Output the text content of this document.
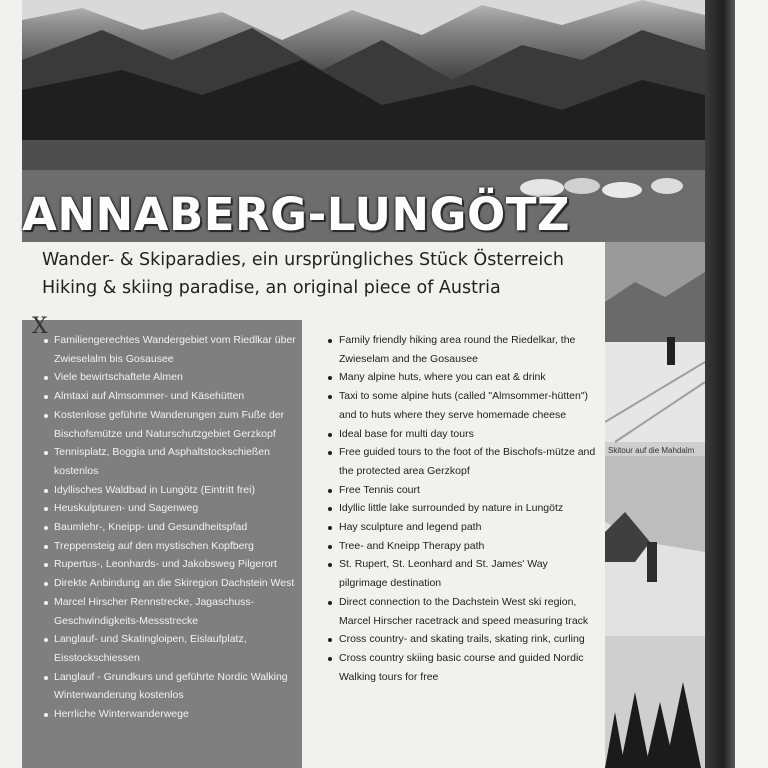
ANNABERG-LUNGÖTZ
Skitour auf die Mahdalm
Wander- & Skiparadies, ein ursprüngliches Stück Österreich
Hiking & skiing paradise, an original piece of Austria
X
Familiengerechtes Wandergebiet vom Riedlkar über Zwieselalm bis Gosausee
Viele bewirtschaftete Almen
Almtaxi auf Almsommer- und Käsehütten
Kostenlose geführte Wanderungen zum Fuße der Bischofsmütze und Naturschutzgebiet Gerzkopf
Tennisplatz, Boggia und Asphaltstockschießen kostenlos
Idyllisches Waldbad in Lungötz (Eintritt frei)
Heuskulpturen- und Sagenweg
Baumlehr-, Kneipp- und Gesundheitspfad
Treppensteig auf den mystischen Kopfberg
Rupertus-, Leonhards- und Jakobsweg Pilgerort
Direkte Anbindung an die Skiregion Dachstein West
Marcel Hirscher Rennstrecke, Jagaschuss-Geschwindigkeits-Messstrecke
Langlauf- und Skatingloipen, Eislaufplatz, Eisstockschiessen
Langlauf - Grundkurs und geführte Nordic Walking Winterwanderung kostenlos
Herrliche Winterwanderwege
Family friendly hiking area round the Riedelkar, the Zwieselam and the Gosausee
Many alpine huts, where you can eat & drink
Taxi to some alpine huts (called "Almsommer-hütten") and to huts where they serve homemade cheese
Ideal base for multi day tours
Free guided tours to the foot of the Bischofs-mütze and the protected area Gerzkopf
Free Tennis court
Idyllic little lake surrounded by nature in Lungötz
Hay sculpture and legend path
Tree- and Kneipp Therapy path
St. Rupert, St. Leonhard and St. James' Way pilgrimage destination
Direct connection to the Dachstein West ski region, Marcel Hirscher racetrack and speed measuring track
Cross country- and skating trails, skating rink, curling
Cross country skiing basic course and guided Nordic Walking tours for free
